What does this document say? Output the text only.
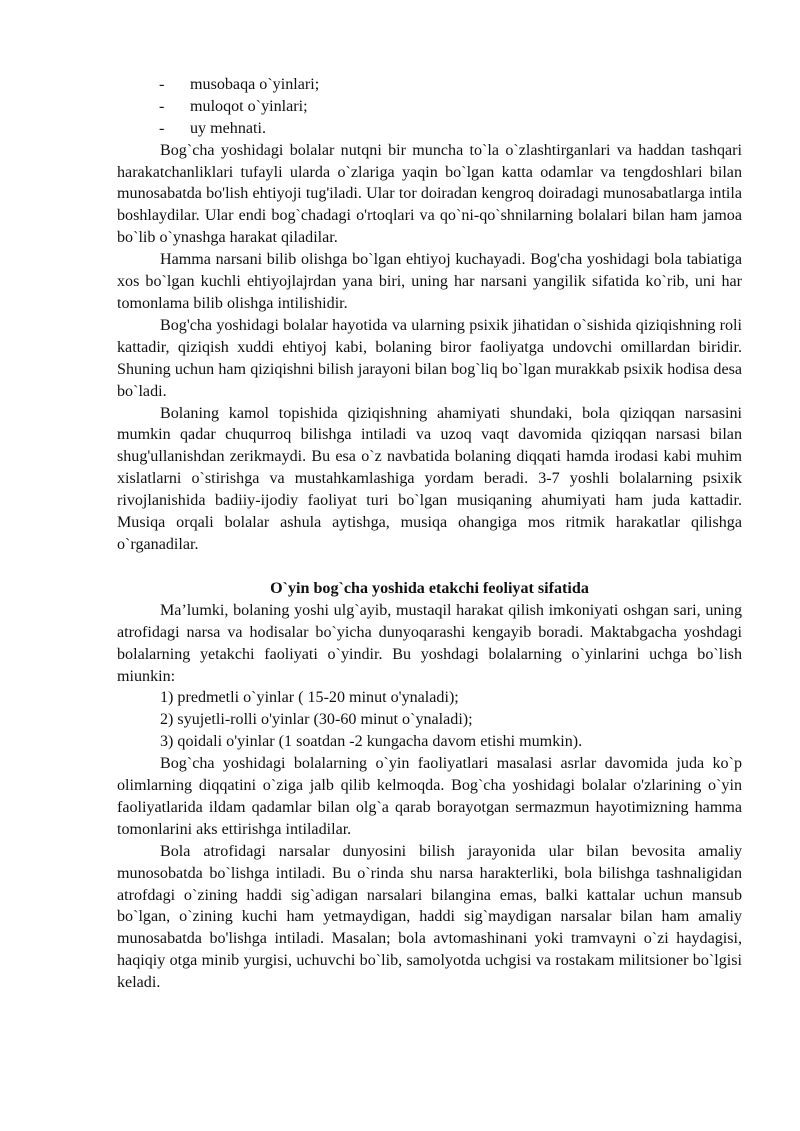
- musobaqa o`yinlari;
- muloqot o`yinlari;
- uy mehnati.

Bog`cha yoshidagi bolalar nutqni bir muncha to`la o`zlashtirganlari va haddan tashqari harakatchanliklari tufayli ularda o`zlariga yaqin bo`lgan katta odamlar va tengdoshlari bilan munosabatda bo'lish ehtiyoji tug'iladi. Ular tor doiradan kengroq doiradagi munosabatlarga intila boshlaydilar. Ular endi bog`chadagi o'rtoqlari va qo`ni-qo`shnilarning bolalari bilan ham jamoa bo`lib o`ynashga harakat qiladilar.

Hamma narsani bilib olishga bo`lgan ehtiyoj kuchayadi. Bog'cha yoshidagi bola tabiatiga xos bo`lgan kuchli ehtiyojlajrdan yana biri, uning har narsani yangilik sifatida ko`rib, uni har tomonlama bilib olishga intilishidir.

Bog'cha yoshidagi bolalar hayotida va ularning psixik jihatidan o`sishida qiziqishning roli kattadir, qiziqish xuddi ehtiyoj kabi, bolaning biror faoliyatga undovchi omillardan biridir. Shuning uchun ham qiziqishni bilish jarayoni bilan bog`liq bo`lgan murakkab psixik hodisa desa bo`ladi.

Bolaning kamol topishida qiziqishning ahamiyati shundaki, bola qiziqqan narsasini mumkin qadar chuqurroq bilishga intiladi va uzoq vaqt davomida qiziqqan narsasi bilan shug'ullanishdan zerikmaydi. Bu esa o`z navbatida bolaning diqqati hamda irodasi kabi muhim xislatlarni o`stirishga va mustahkamlashiga yordam beradi. 3-7 yoshli bolalarning psixik rivojlanishida badiiy-ijodiy faoliyat turi bo`lgan musiqaning ahumiyati ham juda kattadir. Musiqa orqali bolalar ashula aytishga, musiqa ohangiga mos ritmik harakatlar qilishga o`rganadilar.

O`yin bog`cha yoshida etakchi feoliyat sifatida

Ma’lumki, bolaning yoshi ulg`ayib, mustaqil harakat qilish imkoniyati oshgan sari, uning atrofidagi narsa va hodisalar bo`yicha dunyoqarashi kengayib boradi. Maktabgacha yoshdagi bolalarning yetakchi faoliyati o`yindir. Bu yoshdagi bolalarning o`yinlarini uchga bo`lish miunkin:

1) predmetli o`yinlar ( 15-20 minut o'ynaladi);

2) syujetli-rolli o'yinlar (30-60 minut o`ynaladi);

3) qoidali o'yinlar (1 soatdan -2 kungacha davom etishi mumkin).

Bog`cha yoshidagi bolalarning o`yin faoliyatlari masalasi asrlar davomida juda ko`p olimlarning diqqatini o`ziga jalb qilib kelmoqda. Bog`cha yoshidagi bolalar o'zlarining o`yin faoliyatlarida ildam qadamlar bilan olg`a qarab borayotgan sermazmun hayotimizning hamma tomonlarini aks ettirishga intiladilar.

Bola atrofidagi narsalar dunyosini bilish jarayonida ular bilan bevosita amaliy munosobatda bo`lishga intiladi. Bu o`rinda shu narsa harakterliki, bola bilishga tashnaligidan atrofdagi o`zining haddi sig`adigan narsalari bilangina emas, balki kattalar uchun mansub bo`lgan, o`zining kuchi ham yetmaydigan, haddi sig`maydigan narsalar bilan ham amaliy munosabatda bo'lishga intiladi. Masalan; bola avtomashinani yoki tramvayni o`zi haydagisi, haqiqiy otga minib yurgisi, uchuvchi bo`lib, samolyotda uchgisi va rostakam militsioner bo`lgisi keladi.
